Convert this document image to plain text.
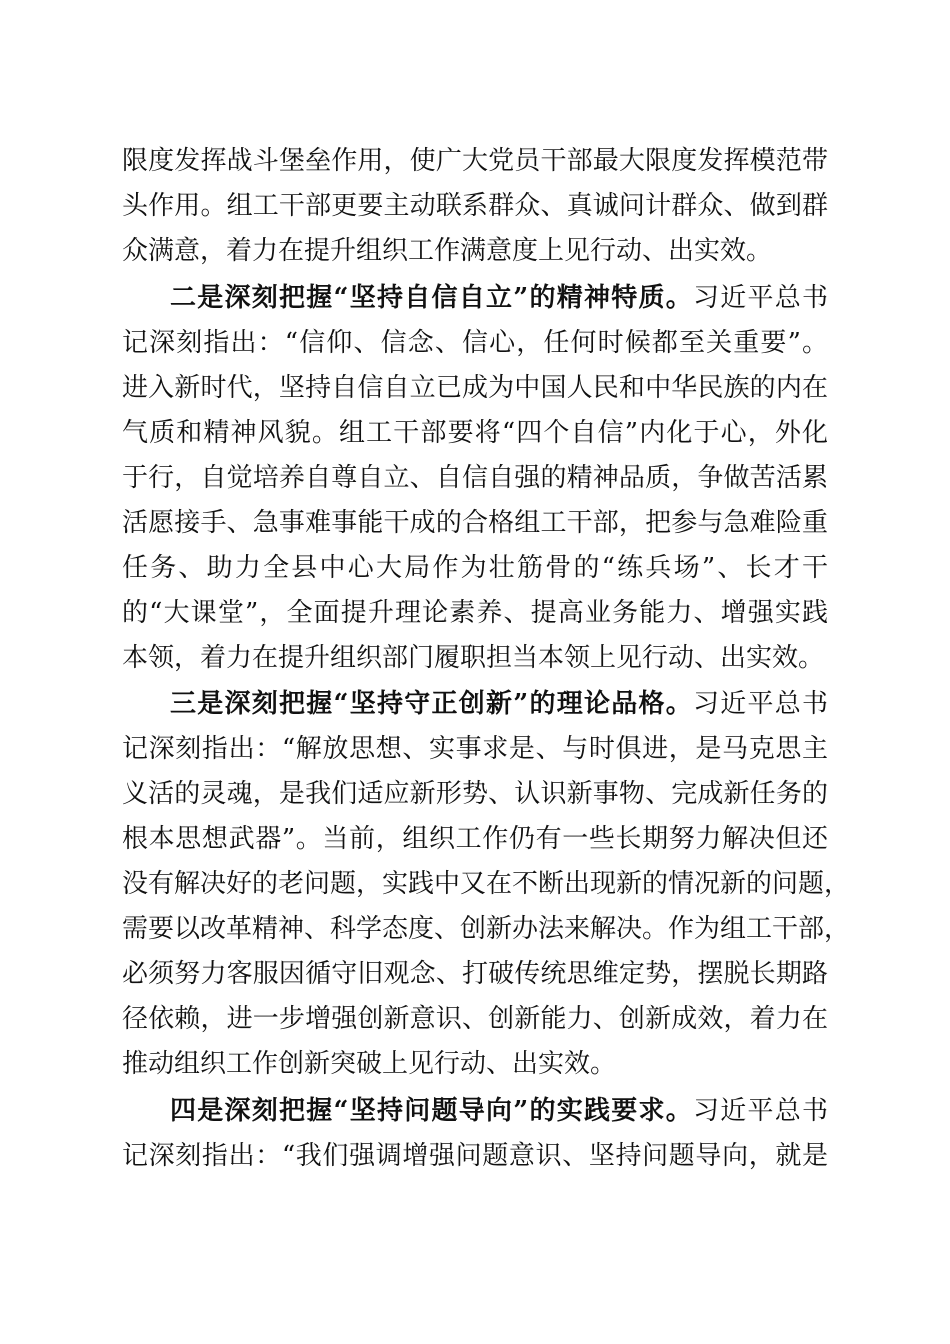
限度发挥战斗堡垒作用，使广大党员干部最大限度发挥模范带
头作用。组工干部更要主动联系群众、真诚问计群众、做到群
众满意，着力在提升组织工作满意度上见行动、出实效。
二是深刻把握“坚持自信自立”的精神特质。习近平总书
记深刻指出：“信仰、信念、信心，任何时候都至关重要”。
进入新时代，坚持自信自立已成为中国人民和中华民族的内在
气质和精神风貌。组工干部要将“四个自信”内化于心，外化
于行，自觉培养自尊自立、自信自强的精神品质，争做苦活累
活愿接手、急事难事能干成的合格组工干部，把参与急难险重
任务、助力全县中心大局作为壮筋骨的“练兵场”、长才干
的“大课堂”，全面提升理论素养、提高业务能力、增强实践
本领，着力在提升组织部门履职担当本领上见行动、出实效。
三是深刻把握“坚持守正创新”的理论品格。习近平总书
记深刻指出：“解放思想、实事求是、与时俱进，是马克思主
义活的灵魂，是我们适应新形势、认识新事物、完成新任务的
根本思想武器”。当前，组织工作仍有一些长期努力解决但还
没有解决好的老问题，实践中又在不断出现新的情况新的问题，
需要以改革精神、科学态度、创新办法来解决。作为组工干部，
必须努力客服因循守旧观念、打破传统思维定势，摆脱长期路
径依赖，进一步增强创新意识、创新能力、创新成效，着力在
推动组织工作创新突破上见行动、出实效。
四是深刻把握“坚持问题导向”的实践要求。习近平总书
记深刻指出：“我们强调增强问题意识、坚持问题导向，就是
